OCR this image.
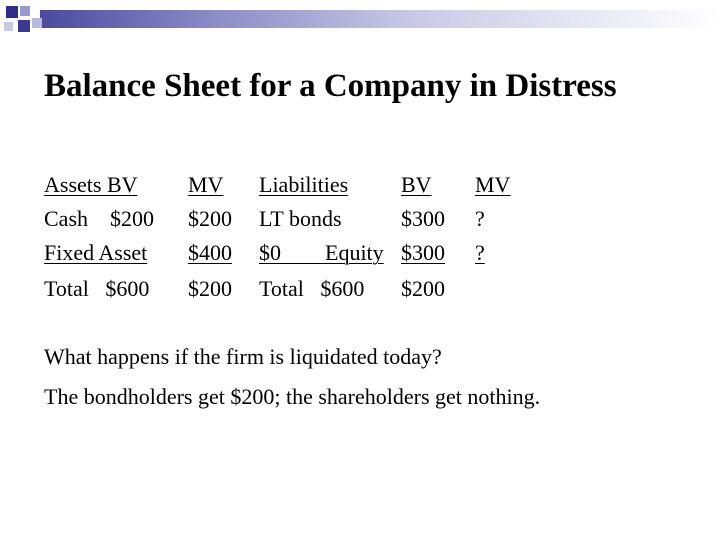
Balance Sheet for a Company in Distress
Assets BV
Cash    $200
Fixed Asset
Total   $600
MV
$200
$400
$200
Liabilities
LT bonds
$0        Equity
Total   $600
BV
$300
$300
$200
MV
?
?
What happens if the firm is liquidated today?
The bondholders get $200; the shareholders get nothing.
